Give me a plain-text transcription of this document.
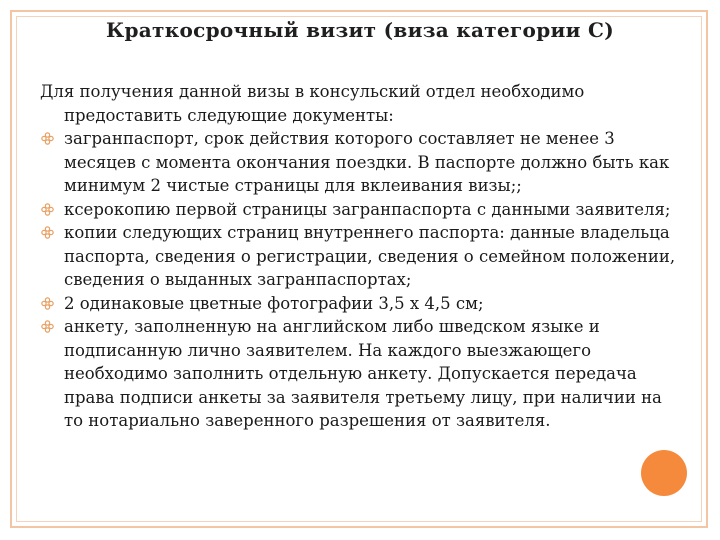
Краткосрочный визит (виза категории С)

Для получения данной визы в консульский отдел необходимо предоставить следующие документы:

загранпаспорт, срок действия которого составляет не менее 3 месяцев с момента окончания поездки. В паспорте должно быть как минимум 2 чистые страницы для вклеивания визы;;
ксерокопию первой страницы загранпаспорта с данными заявителя;
копии следующих страниц внутреннего паспорта: данные владельца паспорта, сведения о регистрации, сведения о семейном положении, сведения о выданных загранпаспортах;
2 одинаковые цветные фотографии 3,5 х 4,5 см;
анкету, заполненную на английском либо шведском языке и подписанную лично заявителем. На каждого выезжающего необходимо заполнить отдельную анкету. Допускается передача права подписи анкеты за заявителя третьему лицу, при наличии на то нотариально заверенного разрешения от заявителя.
